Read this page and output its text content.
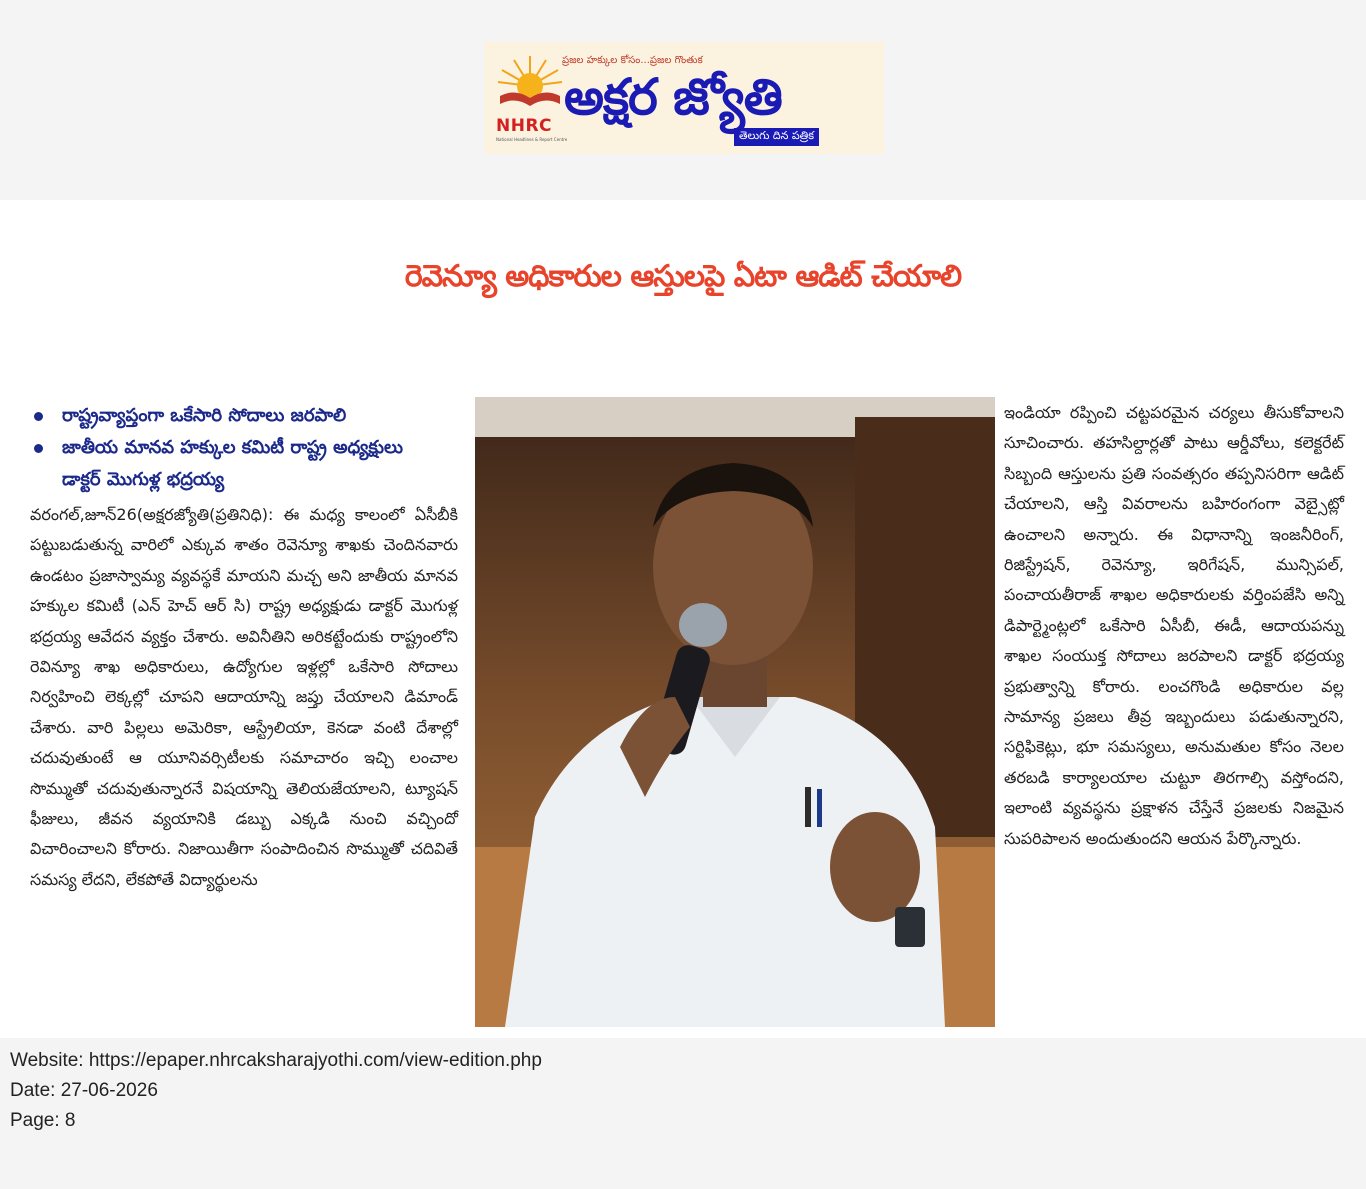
NHRC
National Headlines & Report Centre
ప్రజల హక్కుల కోసం...ప్రజల గొంతుక
అక్షర జ్యోతి
తెలుగు దిన పత్రిక
రెవెన్యూ అధికారుల ఆస్తులపై ఏటా ఆడిట్ చేయాలి
రాష్ట్రవ్యాప్తంగా ఒకేసారి సోదాలు జరపాలి
జాతీయ మానవ హక్కుల కమిటీ రాష్ట్ర అధ్యక్షులు
డాక్టర్ మొగుళ్ల భద్రయ్య

వరంగల్,జూన్26(అక్షరజ్యోతి(ప్రతినిధి): ఈ మధ్య కాలంలో ఏసీబీకి పట్టుబడుతున్న వారిలో ఎక్కువ శాతం రెవెన్యూ శాఖకు చెందినవారు ఉండటం ప్రజాస్వామ్య వ్యవస్థకే మాయని మచ్చ అని జాతీయ మానవ హక్కుల కమిటీ (ఎన్ హెచ్ ఆర్ సి) రాష్ట్ర అధ్యక్షుడు డాక్టర్ మొగుళ్ల భద్రయ్య ఆవేదన వ్యక్తం చేశారు. అవినీతిని అరికట్టేందుకు రాష్ట్రంలోని రెవిన్యూ శాఖ అధికారులు, ఉద్యోగుల ఇళ్లల్లో ఒకేసారి సోదాలు నిర్వహించి లెక్కల్లో చూపని ఆదాయాన్ని జప్తు చేయాలని డిమాండ్ చేశారు. వారి పిల్లలు అమెరికా, ఆస్ట్రేలియా, కెనడా వంటి దేశాల్లో చదువుతుంటే ఆ యూనివర్సిటీలకు సమాచారం ఇచ్చి లంచాల సొమ్ముతో చదువుతున్నారనే విషయాన్ని తెలియజేయాలని, ట్యూషన్ ఫీజులు, జీవన వ్యయానికి డబ్బు ఎక్కడి నుంచి వచ్చిందో విచారించాలని కోరారు. నిజాయితీగా సంపాదించిన సొమ్ముతో చదివితే సమస్య లేదని, లేకపోతే విద్యార్థులను

ఇండియా రప్పించి చట్టపరమైన చర్యలు తీసుకోవాలని సూచించారు. తహసిల్దార్లతో పాటు ఆర్డీవోలు, కలెక్టరేట్ సిబ్బంది ఆస్తులను ప్రతి సంవత్సరం తప్పనిసరిగా ఆడిట్ చేయాలని, ఆస్తి వివరాలను బహిరంగంగా వెబ్సైట్లో ఉంచాలని అన్నారు. ఈ విధానాన్ని ఇంజనీరింగ్, రిజిస్ట్రేషన్, రెవెన్యూ, ఇరిగేషన్, మున్సిపల్, పంచాయతీరాజ్ శాఖల అధికారులకు వర్తింపజేసి అన్ని డిపార్ట్మెంట్లలో ఒకేసారి ఏసీబీ, ఈడీ, ఆదాయపన్ను శాఖల సంయుక్త సోదాలు జరపాలని డాక్టర్ భద్రయ్య ప్రభుత్వాన్ని కోరారు. లంచగొండి అధికారుల వల్ల సామాన్య ప్రజలు తీవ్ర ఇబ్బందులు పడుతున్నారని, సర్టిఫికెట్లు, భూ సమస్యలు, అనుమతుల కోసం నెలల తరబడి కార్యాలయాల చుట్టూ తిరగాల్సి వస్తోందని, ఇలాంటి వ్యవస్థను ప్రక్షాళన చేస్తేనే ప్రజలకు నిజమైన సుపరిపాలన అందుతుందని ఆయన పేర్కొన్నారు.

Website: https://epaper.nhrcaksharajyothi.com/view-edition.php
Date: 27-06-2026
Page: 8
